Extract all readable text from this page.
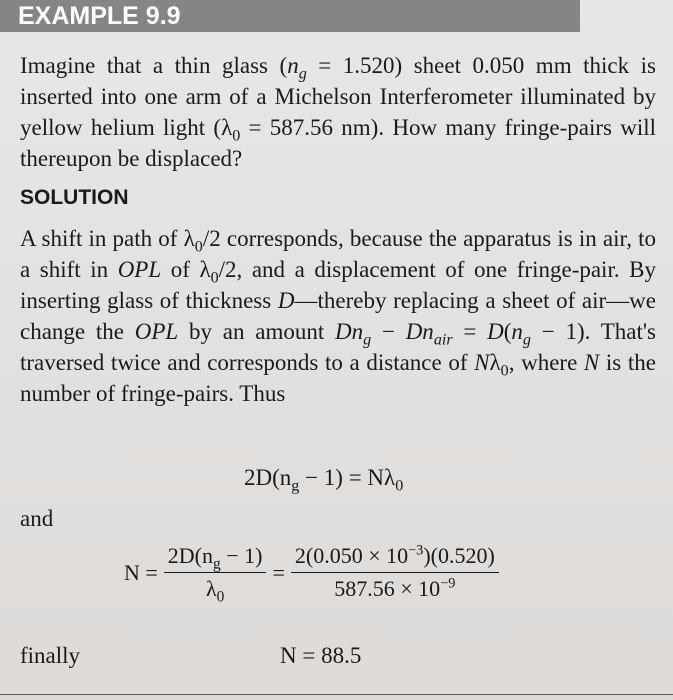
EXAMPLE 9.9

Imagine that a thin glass $(n_g = 1.520)$ sheet 0.050 mm thick is inserted into one arm of a Michelson Interferometer illuminated by yellow helium light ($\lambda_0 = 587.56$ nm). How many fringe-pairs will thereupon be displaced?

SOLUTION

A shift in path of $\lambda_0/2$ corresponds, because the apparatus is in air, to a shift in OPL of $\lambda_0/2$, and a displacement of one fringe-pair. By inserting glass of thickness D—thereby replacing a sheet of air—we change the OPL by an amount $Dn_g - Dn_{air} = D(n_g - 1)$. That's traversed twice and corresponds to a distance of $N\lambda_0$, where N is the number of fringe-pairs. Thus

$2D(n_g - 1) = N\lambda_0$
and
$N = \frac{2D(n_g - 1)}{\lambda_0} = \frac{2(0.050 \times 10^{-3})(0.520)}{587.56 \times 10^{-9}}$
finally	N = 88.5
